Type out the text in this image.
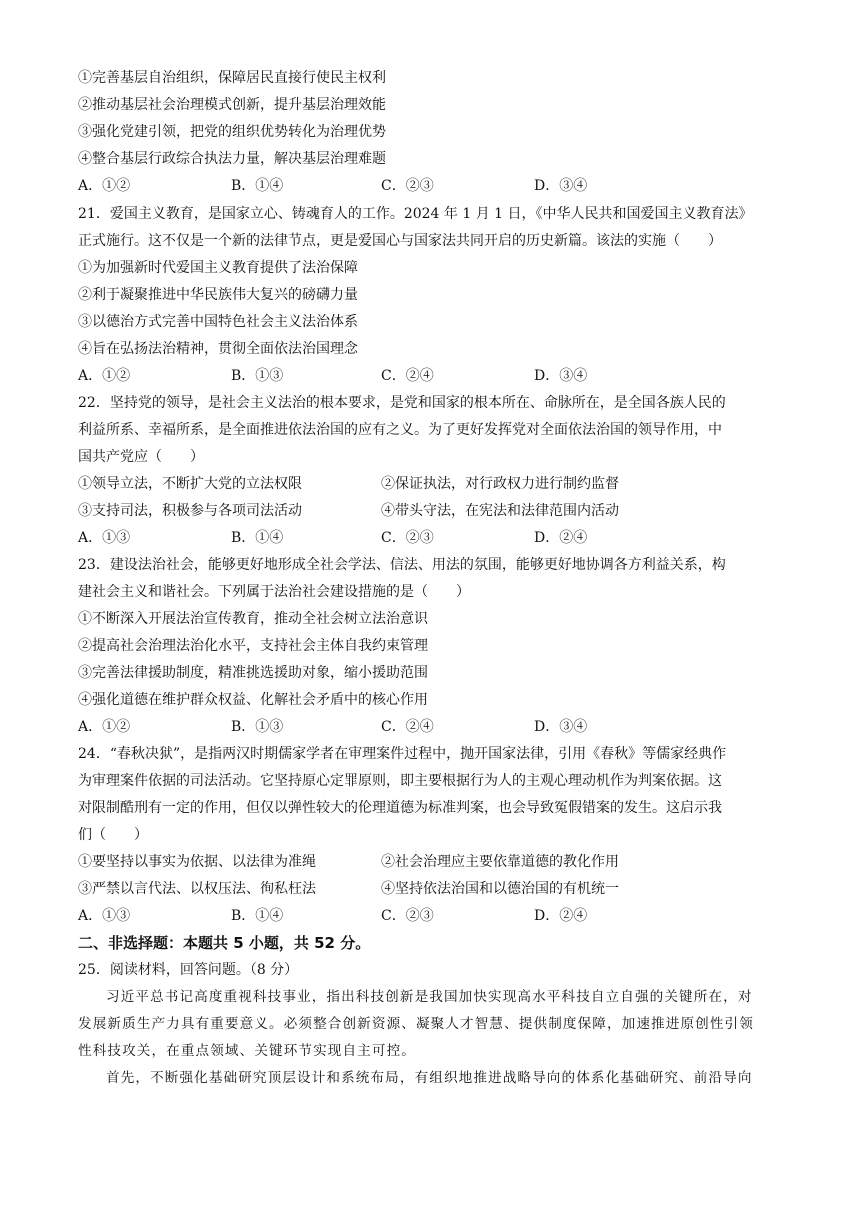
①完善基层自治组织，保障居民直接行使民主权利
②推动基层社会治理模式创新，提升基层治理效能
③强化党建引领，把党的组织优势转化为治理优势
④整合基层行政综合执法力量，解决基层治理难题
A．①②	B．①④	C．②③	D．③④
21．爱国主义教育，是国家立心、铸魂育人的工作。2024 年 1 月 1 日，《中华人民共和国爱国主义教育法》
正式施行。这不仅是一个新的法律节点，更是爱国心与国家法共同开启的历史新篇。该法的实施（　　）
①为加强新时代爱国主义教育提供了法治保障
②利于凝聚推进中华民族伟大复兴的磅礴力量
③以德治方式完善中国特色社会主义法治体系
④旨在弘扬法治精神，贯彻全面依法治国理念
A．①②	B．①③	C．②④	D．③④
22．坚持党的领导，是社会主义法治的根本要求，是党和国家的根本所在、命脉所在，是全国各族人民的
利益所系、幸福所系，是全面推进依法治国的应有之义。为了更好发挥党对全面依法治国的领导作用，中
国共产党应（　　）
①领导立法，不断扩大党的立法权限	②保证执法，对行政权力进行制约监督
③支持司法，积极参与各项司法活动	④带头守法，在宪法和法律范围内活动
A．①③	B．①④	C．②③	D．②④
23．建设法治社会，能够更好地形成全社会学法、信法、用法的氛围，能够更好地协调各方利益关系，构
建社会主义和谐社会。下列属于法治社会建设措施的是（　　）
①不断深入开展法治宣传教育，推动全社会树立法治意识
②提高社会治理法治化水平，支持社会主体自我约束管理
③完善法律援助制度，精准挑选援助对象，缩小援助范围
④强化道德在维护群众权益、化解社会矛盾中的核心作用
A．①②	B．①③	C．②④	D．③④
24．“春秋决狱”，是指两汉时期儒家学者在审理案件过程中，抛开国家法律，引用《春秋》等儒家经典作
为审理案件依据的司法活动。它坚持原心定罪原则，即主要根据行为人的主观心理动机作为判案依据。这
对限制酷刑有一定的作用，但仅以弹性较大的伦理道德为标准判案，也会导致冤假错案的发生。这启示我
们（　　）
①要坚持以事实为依据、以法律为准绳	②社会治理应主要依靠道德的教化作用
③严禁以言代法、以权压法、徇私枉法	④坚持依法治国和以德治国的有机统一
A．①③	B．①④	C．②③	D．②④
二、非选择题：本题共 5 小题，共 52 分。
25．阅读材料，回答问题。（8 分）
习近平总书记高度重视科技事业，指出科技创新是我国加快实现高水平科技自立自强的关键所在，对
发展新质生产力具有重要意义。必须整合创新资源、凝聚人才智慧、提供制度保障，加速推进原创性引领
性科技攻关，在重点领域、关键环节实现自主可控。
首先，不断强化基础研究顶层设计和系统布局，有组织地推进战略导向的体系化基础研究、前沿导向
